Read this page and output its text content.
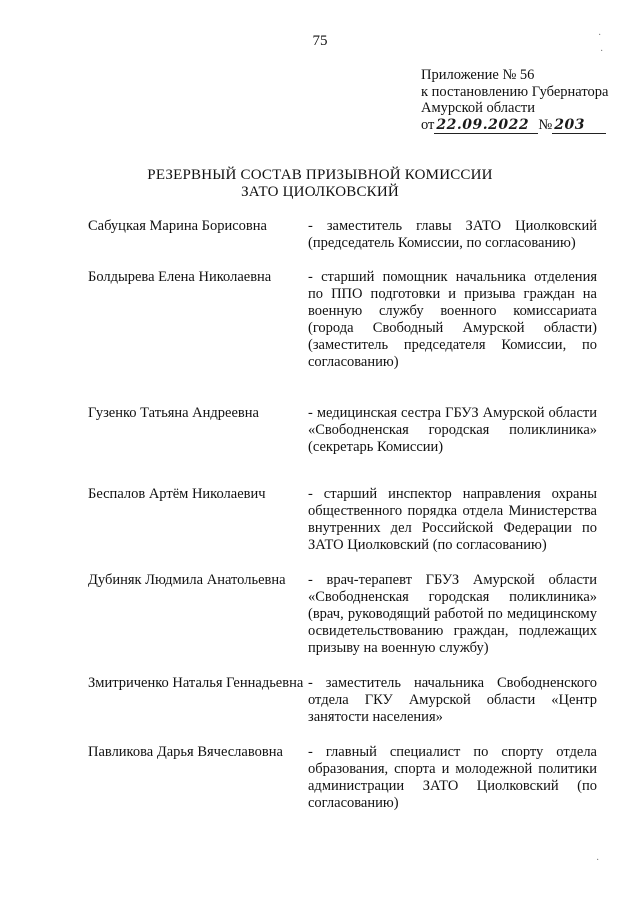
75
Приложение № 56
к постановлению Губернатора
Амурской области
от 22.09.2022 № 203
РЕЗЕРВНЫЙ СОСТАВ ПРИЗЫВНОЙ КОМИССИИ
ЗАТО ЦИОЛКОВСКИЙ
Сабуцкая Марина Борисовна	- заместитель главы ЗАТО Циолковский (председатель Комиссии, по согласованию)
Болдырева Елена Николаевна	- старший помощник начальника отделения по ППО подготовки и призыва граждан на военную службу военного комиссариата (города Свободный Амурской области) (заместитель председателя Комиссии, по согласованию)
Гузенко Татьяна Андреевна	- медицинская сестра ГБУЗ Амурской области «Свободненская городская поликлиника» (секретарь Комиссии)
Беспалов Артём Николаевич	- старший инспектор направления охраны общественного порядка отдела Министерства внутренних дел Российской Федерации по ЗАТО Циолковский (по согласованию)
Дубиняк Людмила Анатольевна	- врач-терапевт ГБУЗ Амурской области «Свободненская городская поликлиника» (врач, руководящий работой по медицинскому освидетельствованию граждан, подлежащих призыву на военную службу)
Змитриченко Наталья Геннадьевна - заместитель начальника Свободненского отдела ГКУ Амурской области «Центр занятости населения»
Павликова Дарья Вячеславовна	- главный специалист по спорту отдела образования, спорта и молодежной политики администрации ЗАТО Циолковский (по согласованию)
·
·
·
